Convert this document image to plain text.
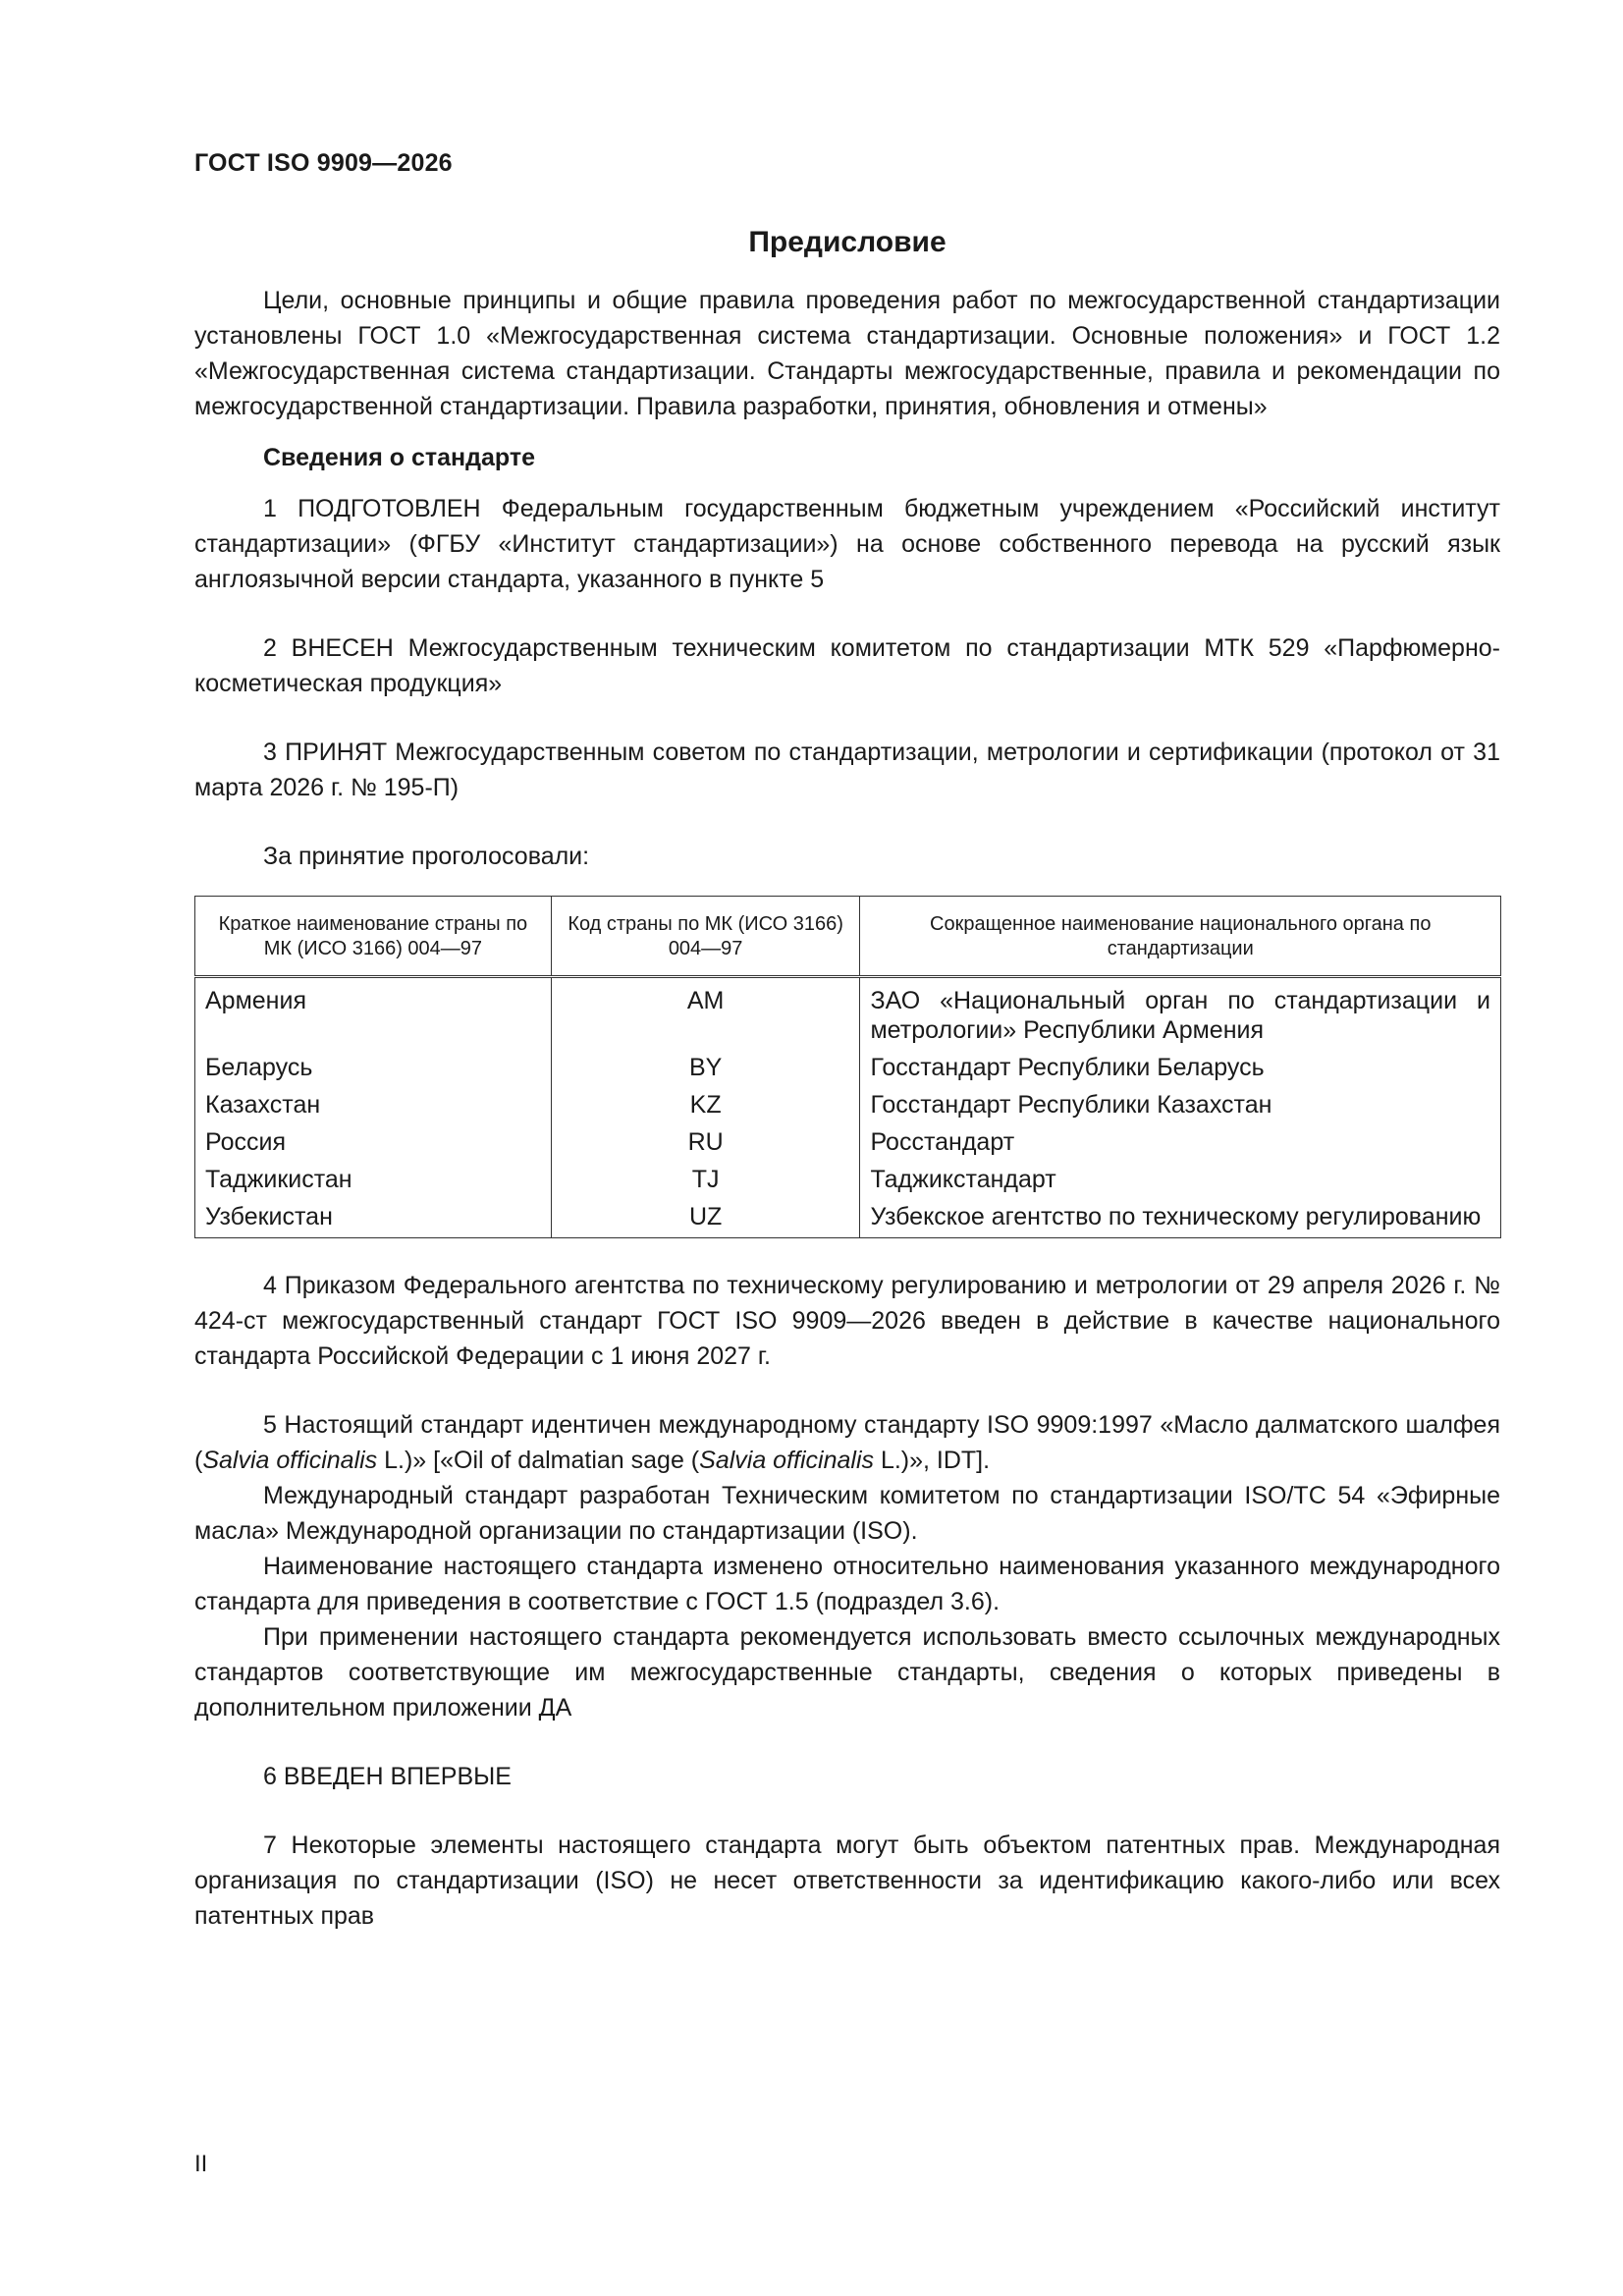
ГОСТ ISO 9909—2026
Предисловие

Цели, основные принципы и общие правила проведения работ по межгосударственной стандартизации установлены ГОСТ 1.0 «Межгосударственная система стандартизации. Основные положения» и ГОСТ 1.2 «Межгосударственная система стандартизации. Стандарты межгосударственные, правила и рекомендации по межгосударственной стандартизации. Правила разработки, принятия, обновления и отмены»

Сведения о стандарте

1 ПОДГОТОВЛЕН Федеральным государственным бюджетным учреждением «Российский институт стандартизации» (ФГБУ «Институт стандартизации») на основе собственного перевода на русский язык англоязычной версии стандарта, указанного в пункте 5

2 ВНЕСЕН Межгосударственным техническим комитетом по стандартизации МТК 529 «Парфюмерно-косметическая продукция»

3 ПРИНЯТ Межгосударственным советом по стандартизации, метрологии и сертификации (протокол от 31 марта 2026 г. № 195-П)

За принятие проголосовали:

Краткое наименование страны по МК (ИСО 3166) 004—97	Код страны по МК (ИСО 3166) 004—97	Сокращенное наименование национального органа по стандартизации
Армения	AM	ЗАО «Национальный орган по стандартизации и метрологии» Республики Армения
Беларусь	BY	Госстандарт Республики Беларусь
Казахстан	KZ	Госстандарт Республики Казахстан
Россия	RU	Росстандарт
Таджикистан	TJ	Таджикстандарт
Узбекистан	UZ	Узбекское агентство по техническому регулированию

4 Приказом Федерального агентства по техническому регулированию и метрологии от 29 апреля 2026 г. № 424-ст межгосударственный стандарт ГОСТ ISO 9909—2026 введен в действие в качестве национального стандарта Российской Федерации с 1 июня 2027 г.

5 Настоящий стандарт идентичен международному стандарту ISO 9909:1997 «Масло далматского шалфея (Salvia officinalis L.)» [«Oil of dalmatian sage (Salvia officinalis L.)», IDT].

Международный стандарт разработан Техническим комитетом по стандартизации ISO/TC 54 «Эфирные масла» Международной организации по стандартизации (ISO).

Наименование настоящего стандарта изменено относительно наименования указанного международного стандарта для приведения в соответствие с ГОСТ 1.5 (подраздел 3.6).

При применении настоящего стандарта рекомендуется использовать вместо ссылочных международных стандартов соответствующие им межгосударственные стандарты, сведения о которых приведены в дополнительном приложении ДА

6 ВВЕДЕН ВПЕРВЫЕ

7 Некоторые элементы настоящего стандарта могут быть объектом патентных прав. Международная организация по стандартизации (ISO) не несет ответственности за идентификацию какого-либо или всех патентных прав

II
